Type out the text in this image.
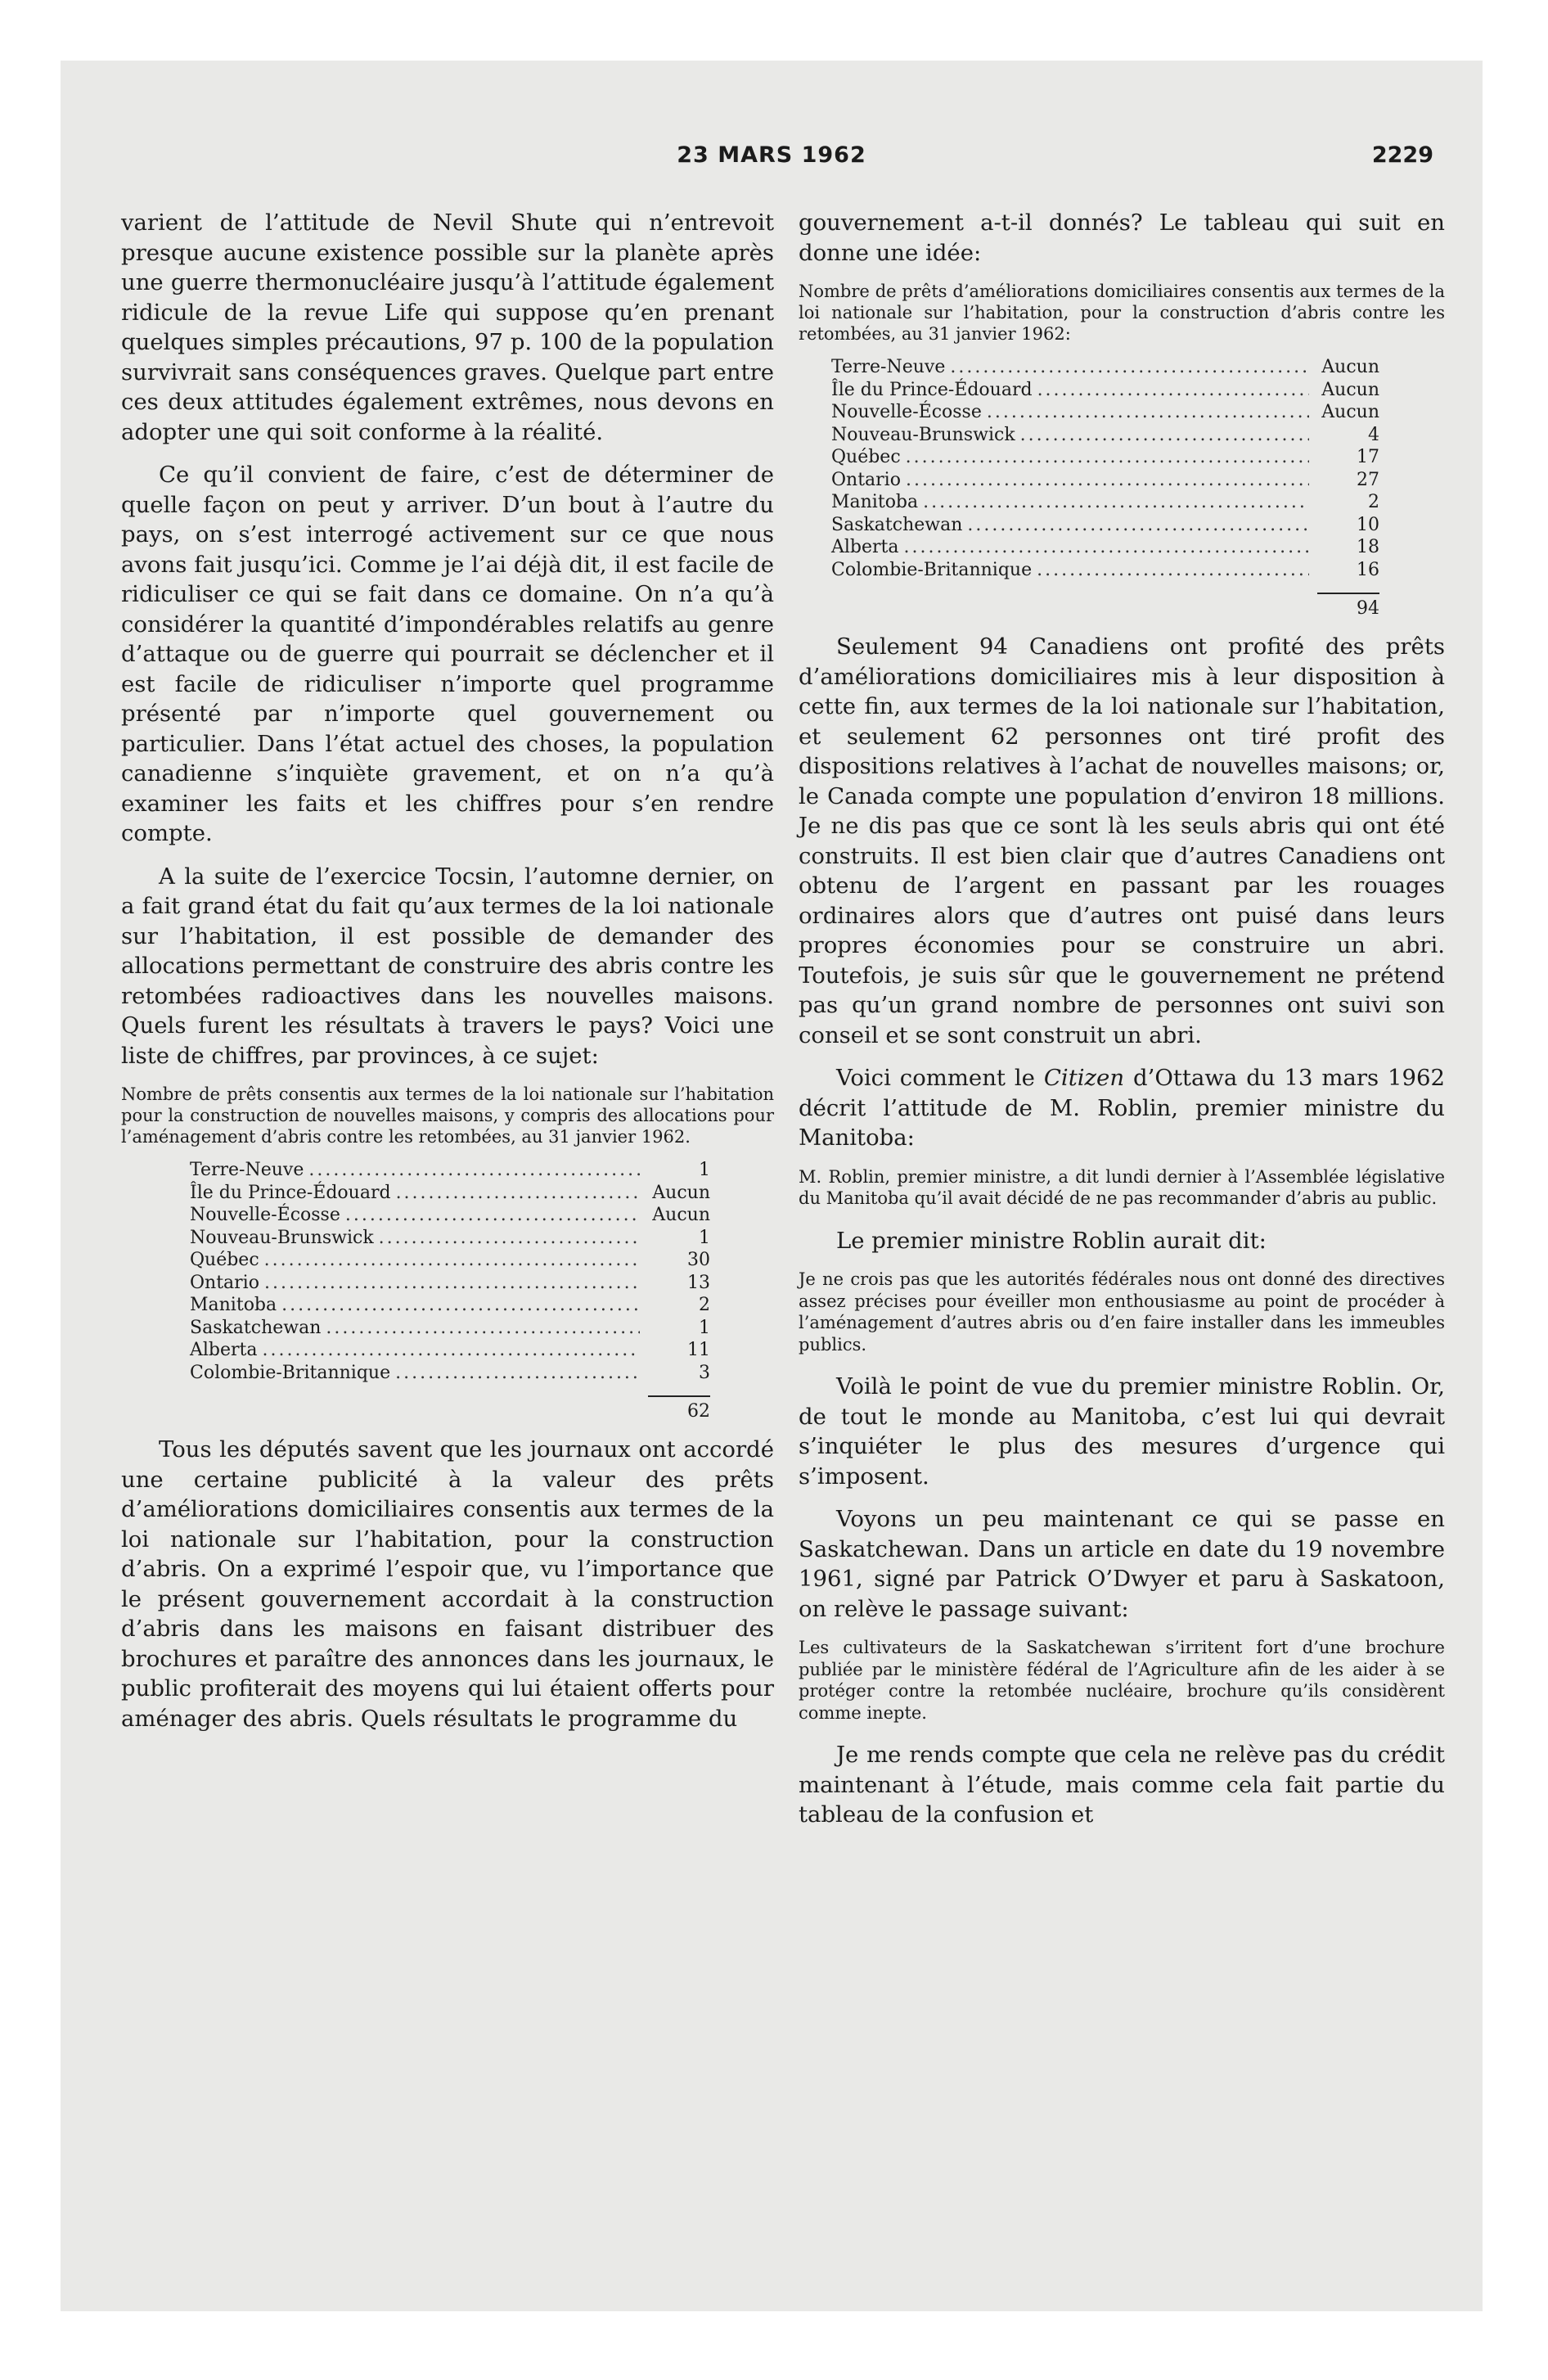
23 MARS 1962	2229

varient de l’attitude de Nevil Shute qui n’entrevoit presque aucune existence possible sur la planète après une guerre thermonucléaire jusqu’à l’attitude également ridicule de la revue Life qui suppose qu’en prenant quelques simples précautions, 97 p. 100 de la population survivrait sans conséquences graves. Quelque part entre ces deux attitudes également extrêmes, nous devons en adopter une qui soit conforme à la réalité.

Ce qu’il convient de faire, c’est de déterminer de quelle façon on peut y arriver. D’un bout à l’autre du pays, on s’est interrogé activement sur ce que nous avons fait jusqu’ici. Comme je l’ai déjà dit, il est facile de ridiculiser ce qui se fait dans ce domaine. On n’a qu’à considérer la quantité d’impondérables relatifs au genre d’attaque ou de guerre qui pourrait se déclencher et il est facile de ridiculiser n’importe quel programme présenté par n’importe quel gouvernement ou particulier. Dans l’état actuel des choses, la population canadienne s’inquiète gravement, et on n’a qu’à examiner les faits et les chiffres pour s’en rendre compte.

A la suite de l’exercice Tocsin, l’automne dernier, on a fait grand état du fait qu’aux termes de la loi nationale sur l’habitation, il est possible de demander des allocations permettant de construire des abris contre les retombées radioactives dans les nouvelles maisons. Quels furent les résultats à travers le pays? Voici une liste de chiffres, par provinces, à ce sujet:

Nombre de prêts consentis aux termes de la loi nationale sur l’habitation pour la construction de nouvelles maisons, y compris des allocations pour l’aménagement d’abris contre les retombées, au 31 janvier 1962.

Terre-Neuve .....	1
Île du Prince-Édouard .....	Aucun
Nouvelle-Écosse .....	Aucun
Nouveau-Brunswick .....	1
Québec .....	30
Ontario .....	13
Manitoba .....	2
Saskatchewan .....	1
Alberta .....	11
Colombie-Britannique .....	3
62

Tous les députés savent que les journaux ont accordé une certaine publicité à la valeur des prêts d’améliorations domiciliaires consentis aux termes de la loi nationale sur l’habitation, pour la construction d’abris. On a exprimé l’espoir que, vu l’importance que le présent gouvernement accordait à la construction d’abris dans les maisons en faisant distribuer des brochures et paraître des annonces dans les journaux, le public profiterait des moyens qui lui étaient offerts pour aménager des abris. Quels résultats le programme du

gouvernement a-t-il donnés? Le tableau qui suit en donne une idée:

Nombre de prêts d’améliorations domiciliaires consentis aux termes de la loi nationale sur l’habitation, pour la construction d’abris contre les retombées, au 31 janvier 1962:

Terre-Neuve .....	Aucun
Île du Prince-Édouard .....	Aucun
Nouvelle-Écosse .....	Aucun
Nouveau-Brunswick .....	4
Québec .....	17
Ontario .....	27
Manitoba .....	2
Saskatchewan .....	10
Alberta .....	18
Colombie-Britannique .....	16
94

Seulement 94 Canadiens ont profité des prêts d’améliorations domiciliaires mis à leur disposition à cette fin, aux termes de la loi nationale sur l’habitation, et seulement 62 personnes ont tiré profit des dispositions relatives à l’achat de nouvelles maisons; or, le Canada compte une population d’environ 18 millions. Je ne dis pas que ce sont là les seuls abris qui ont été construits. Il est bien clair que d’autres Canadiens ont obtenu de l’argent en passant par les rouages ordinaires alors que d’autres ont puisé dans leurs propres économies pour se construire un abri. Toutefois, je suis sûr que le gouvernement ne prétend pas qu’un grand nombre de personnes ont suivi son conseil et se sont construit un abri.

Voici comment le Citizen d’Ottawa du 13 mars 1962 décrit l’attitude de M. Roblin, premier ministre du Manitoba:

M. Roblin, premier ministre, a dit lundi dernier à l’Assemblée législative du Manitoba qu’il avait décidé de ne pas recommander d’abris au public.

Le premier ministre Roblin aurait dit:

Je ne crois pas que les autorités fédérales nous ont donné des directives assez précises pour éveiller mon enthousiasme au point de procéder à l’aménagement d’autres abris ou d’en faire installer dans les immeubles publics.

Voilà le point de vue du premier ministre Roblin. Or, de tout le monde au Manitoba, c’est lui qui devrait s’inquiéter le plus des mesures d’urgence qui s’imposent.

Voyons un peu maintenant ce qui se passe en Saskatchewan. Dans un article en date du 19 novembre 1961, signé par Patrick O’Dwyer et paru à Saskatoon, on relève le passage suivant:

Les cultivateurs de la Saskatchewan s’irritent fort d’une brochure publiée par le ministère fédéral de l’Agriculture afin de les aider à se protéger contre la retombée nucléaire, brochure qu’ils considèrent comme inepte.

Je me rends compte que cela ne relève pas du crédit maintenant à l’étude, mais comme cela fait partie du tableau de la confusion et
